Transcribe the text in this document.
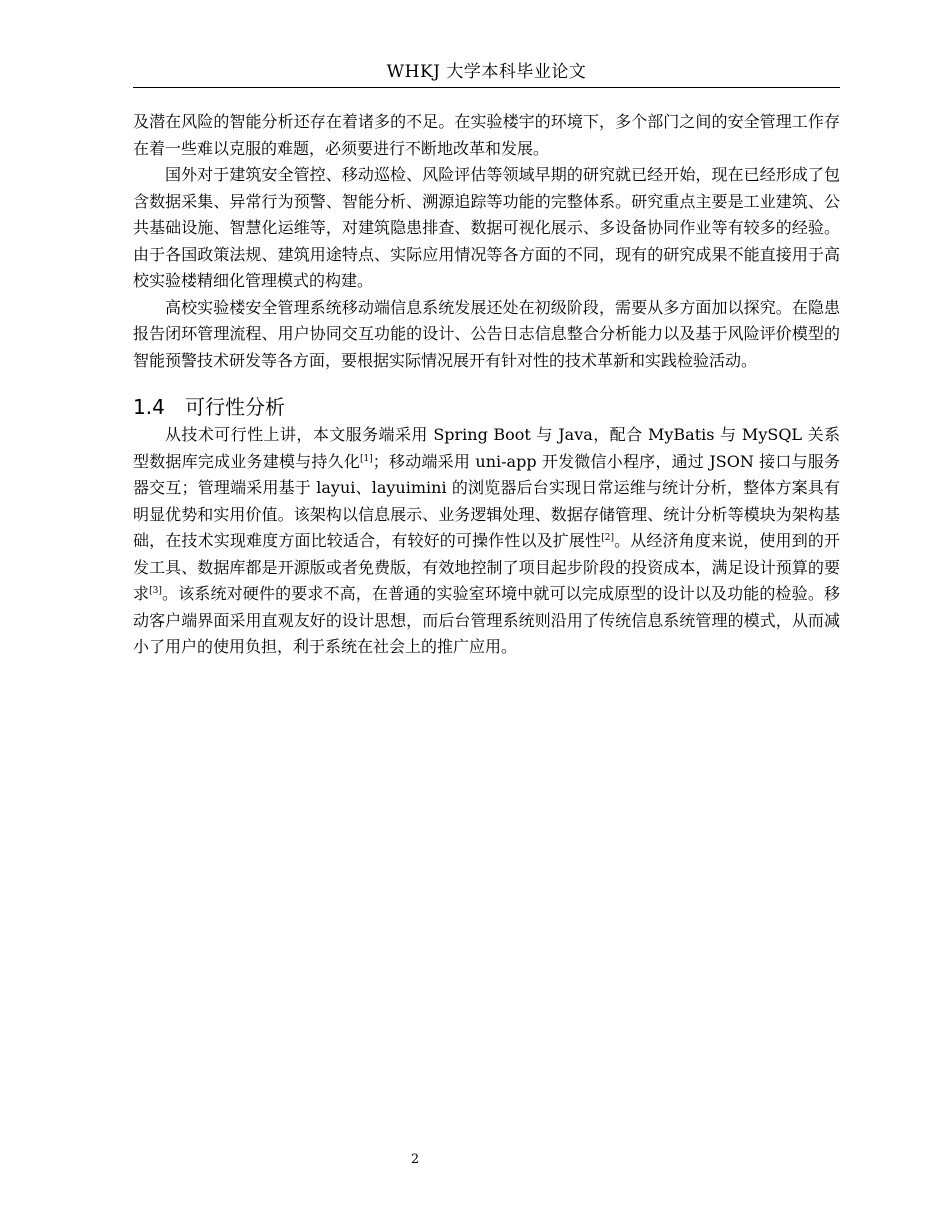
WHKJ 大学本科毕业论文

及潜在风险的智能分析还存在着诸多的不足。在实验楼宇的环境下，多个部门之间的安全管理工作存在着一些难以克服的难题，必须要进行不断地改革和发展。

国外对于建筑安全管控、移动巡检、风险评估等领域早期的研究就已经开始，现在已经形成了包含数据采集、异常行为预警、智能分析、溯源追踪等功能的完整体系。研究重点主要是工业建筑、公共基础设施、智慧化运维等，对建筑隐患排查、数据可视化展示、多设备协同作业等有较多的经验。由于各国政策法规、建筑用途特点、实际应用情况等各方面的不同，现有的研究成果不能直接用于高校实验楼精细化管理模式的构建。

高校实验楼安全管理系统移动端信息系统发展还处在初级阶段，需要从多方面加以探究。在隐患报告闭环管理流程、用户协同交互功能的设计、公告日志信息整合分析能力以及基于风险评价模型的智能预警技术研发等各方面，要根据实际情况展开有针对性的技术革新和实践检验活动。

1.4 可行性分析

从技术可行性上讲，本文服务端采用 Spring Boot 与 Java，配合 MyBatis 与 MySQL 关系型数据库完成业务建模与持久化[1]；移动端采用 uni-app 开发微信小程序，通过 JSON 接口与服务器交互；管理端采用基于 layui、layuimini 的浏览器后台实现日常运维与统计分析，整体方案具有明显优势和实用价值。该架构以信息展示、业务逻辑处理、数据存储管理、统计分析等模块为架构基础，在技术实现难度方面比较适合，有较好的可操作性以及扩展性[2]。从经济角度来说，使用到的开发工具、数据库都是开源版或者免费版，有效地控制了项目起步阶段的投资成本，满足设计预算的要求[3]。该系统对硬件的要求不高，在普通的实验室环境中就可以完成原型的设计以及功能的检验。移动客户端界面采用直观友好的设计思想，而后台管理系统则沿用了传统信息系统管理的模式，从而减小了用户的使用负担，利于系统在社会上的推广应用。

2
